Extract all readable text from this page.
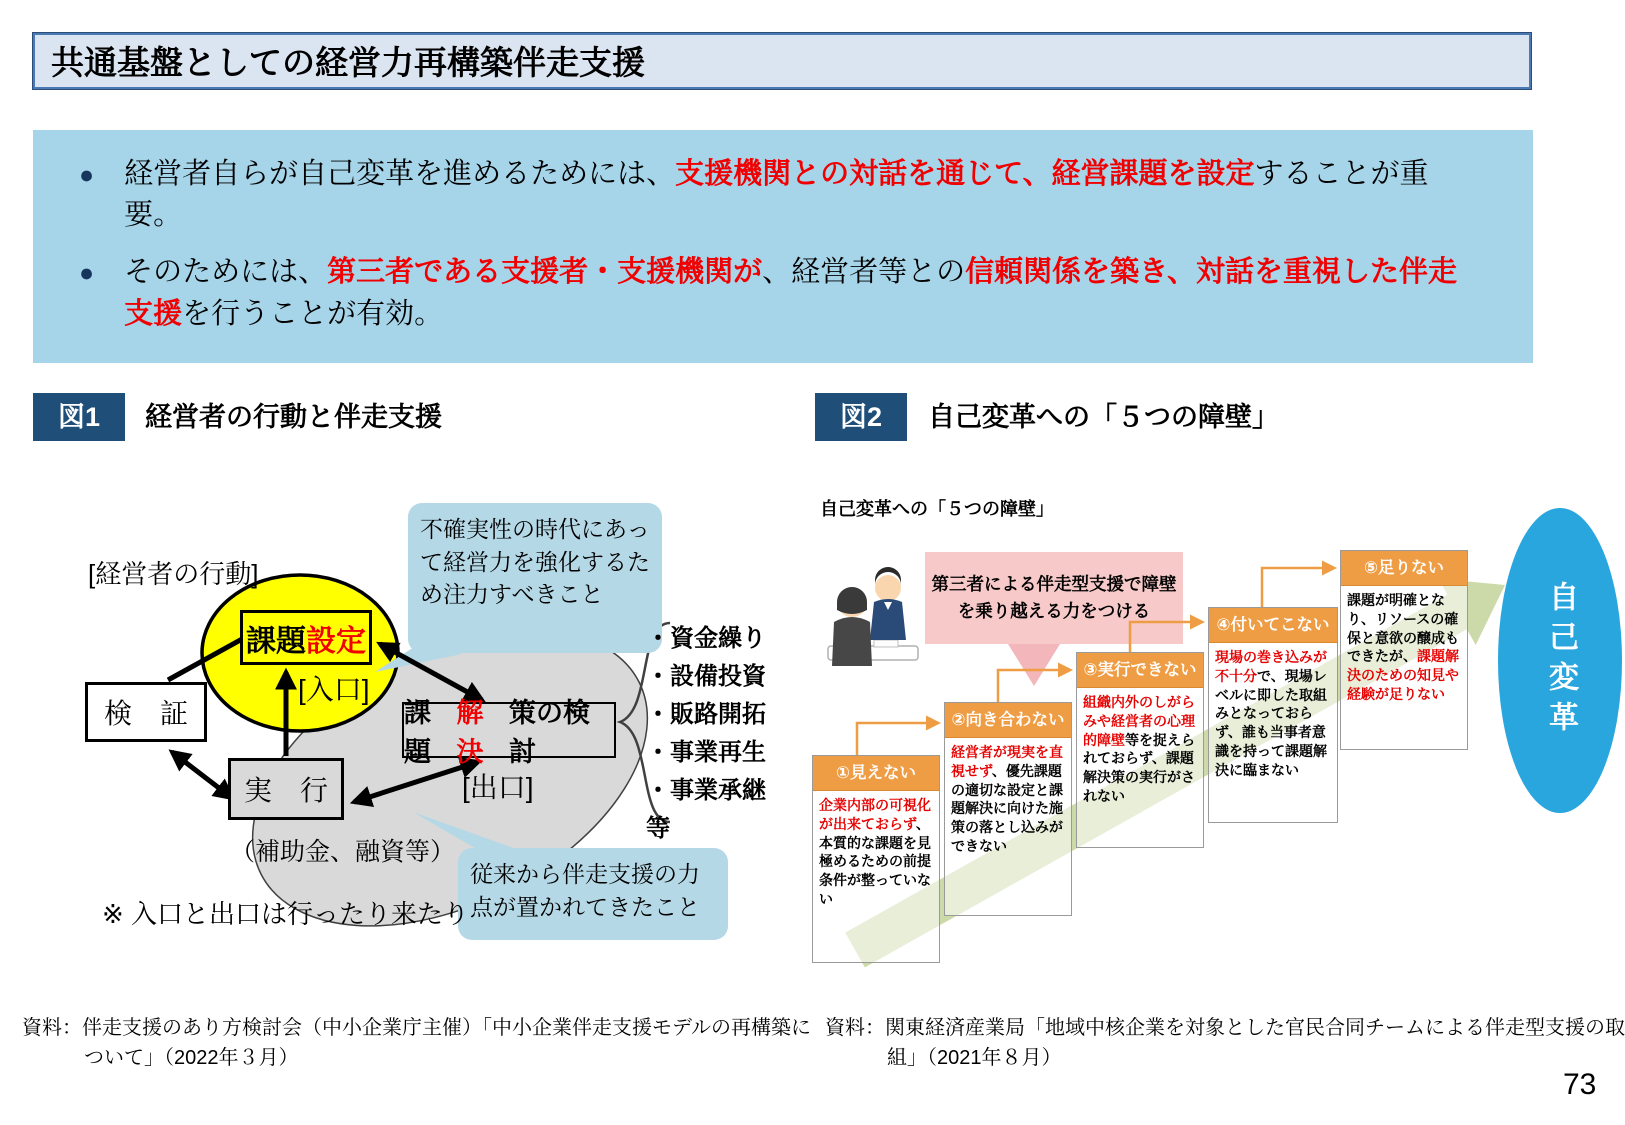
共通基盤としての経営力再構築伴走支援
● 経営者自らが自己変革を進めるためには、支援機関との対話を通じて、経営課題を設定することが重要。
● そのためには、第三者である支援者・支援機関が、経営者等との信頼関係を築き、対話を重視した伴走支援を行うことが有効。
図1	経営者の行動と伴走支援	図2	自己変革への「５つの障壁」
[経営者の行動]
課題 設定
[入口]
検　証
実　行
課題
解決
策の検討
[出口]
（補助金、融資等）
不確実性の時代にあって経営力を強化するため注力すべきこと
従来から伴走支援の力点が置かれてきたこと
・資金繰り
・設備投資
・販路開拓
・事業再生
・事業承継　等
※ 入口と出口は行ったり来たり
自己変革への「５つの障壁」
第三者による伴走型支援で障壁を乗り越える力をつける
①見えない
企業内部の可視化が出来ておらず、本質的な課題を見極めるための前提条件が整っていない
②向き合わない
経営者が現実を直視せず、優先課題の適切な設定と課題解決に向けた施策の落とし込みができない
③実行できない
組織内外のしがらみや経営者の心理的障壁等を捉えられておらず、課題解決策の実行がされない
④付いてこない
現場の巻き込みが不十分で、現場レベルに即した取組みとなっておらず、誰も当事者意識を持って課題解決に臨まない
⑤足りない
課題が明確となり、リソースの確保と意欲の醸成もできたが、課題解決のための知見や経験が足りない	自己変革
資料：伴走支援のあり方検討会（中小企業庁主催）「中小企業伴走支援モデルの再構築について」（2022年３月）
資料：関東経済産業局「地域中核企業を対象とした官民合同チームによる伴走型支援の取組」（2021年８月）
73
